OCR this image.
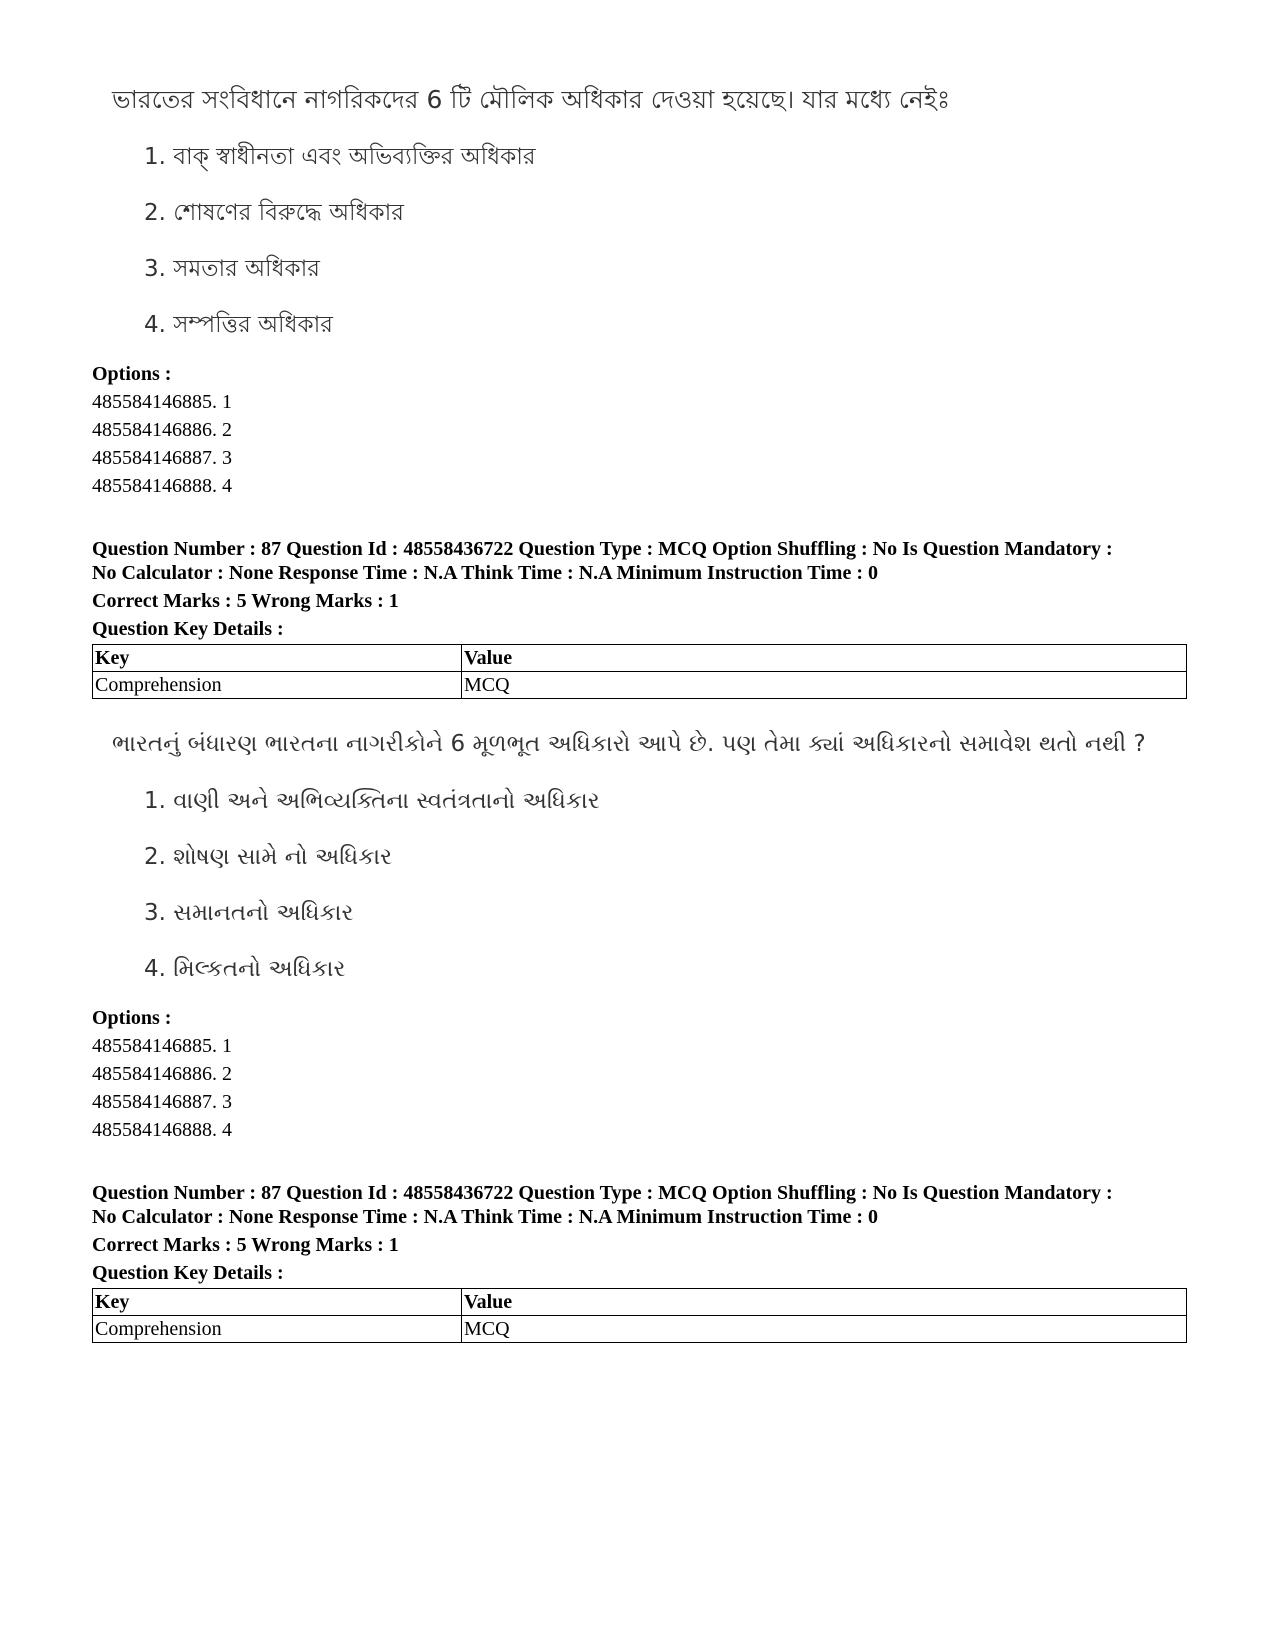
ভারতের সংবিধানে নাগরিকদের 6 টি মৌলিক অধিকার দেওয়া হয়েছে। যার মধ্যে নেইঃ
1. বাক্ স্বাধীনতা এবং অভিব্যক্তির অধিকার
2. শোষণের বিরুদ্ধে অধিকার
3. সমতার অধিকার
4. সম্পত্তির অধিকার
Options :
485584146885. 1
485584146886. 2
485584146887. 3
485584146888. 4
Question Number : 87 Question Id : 48558436722 Question Type : MCQ Option Shuffling : No Is Question Mandatory :
No Calculator : None Response Time : N.A Think Time : N.A Minimum Instruction Time : 0
Correct Marks : 5 Wrong Marks : 1
Question Key Details :
Key	Value
Comprehension	MCQ
ભારતનું બંધારણ ભારતના નાગરીકોને 6 મૂળભૂત અધિકારો આપે છે. પણ તેમા ક્યાં અધિકારનો સમાવેશ થતો નથી ?
1. વાણી અને અભિવ્યક્તિના સ્વતંત્રતાનો અધિકાર
2. શોષણ સામે નો અધિકાર
3. સમાનતનો અધિકાર
4. મિલ્કતનો અધિકાર
Options :
485584146885. 1
485584146886. 2
485584146887. 3
485584146888. 4
Question Number : 87 Question Id : 48558436722 Question Type : MCQ Option Shuffling : No Is Question Mandatory :
No Calculator : None Response Time : N.A Think Time : N.A Minimum Instruction Time : 0
Correct Marks : 5 Wrong Marks : 1
Question Key Details :
Key	Value
Comprehension	MCQ
